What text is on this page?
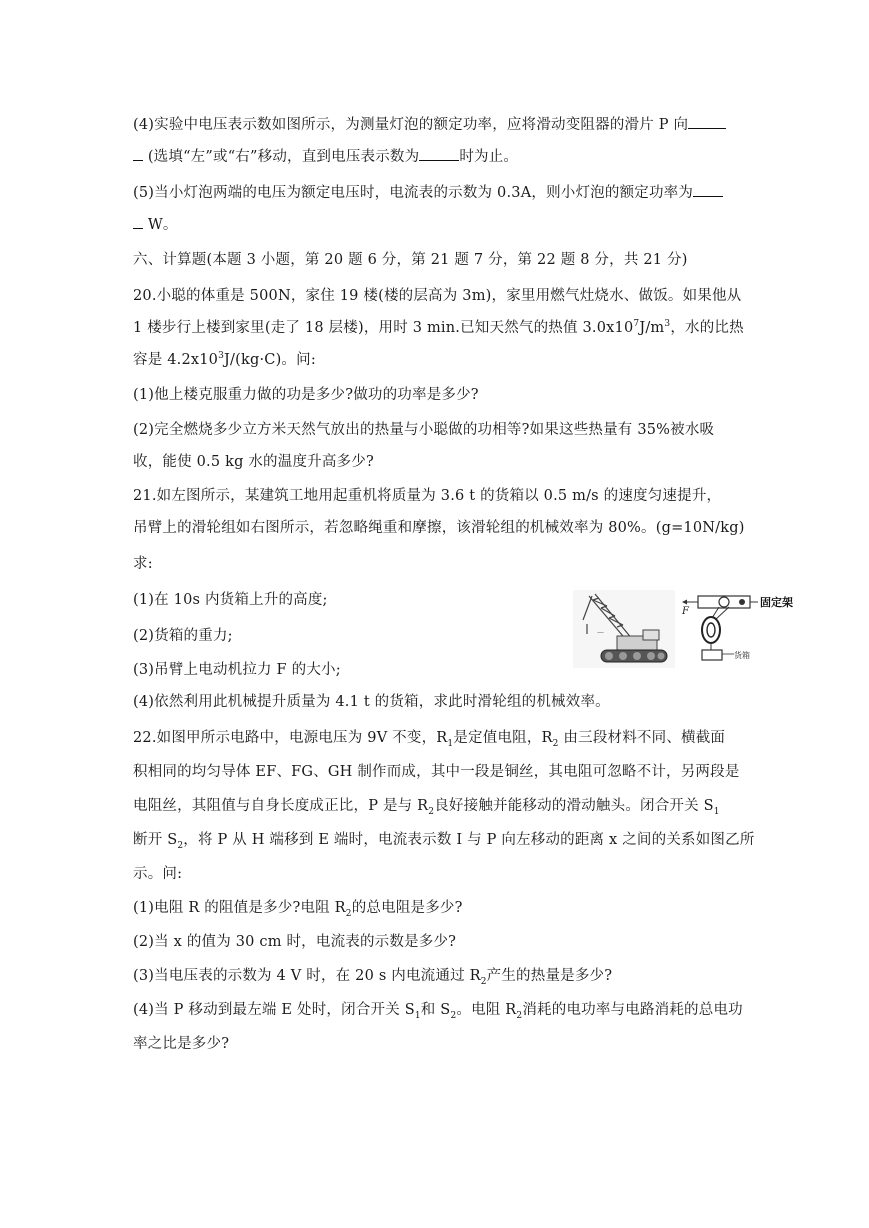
(4)实验中电压表示数如图所示，为测量灯泡的额定功率，应将滑动变阻器的滑片 P 向
(选填“左”或“右”移动，直到电压表示数为	时为止。
(5)当小灯泡两端的电压为额定电压时，电流表的示数为 0.3A，则小灯泡的额定功率为
W。
六、计算题(本题 3 小题，第 20 题 6 分，第 21 题 7 分，第 22 题 8 分，共 21 分)
20.小聪的体重是 500N，家住 19 楼(楼的层高为 3m)，家里用燃气灶烧水、做饭。如果他从
1 楼步行上楼到家里(走了 18 层楼)，用时 3 min.已知天然气的热值 $3.0x10^7J/m^3$，水的比热
容是 $4.2x10^3J/(kg\cdot C)$。问:
(1)他上楼克服重力做的功是多少?做功的功率是多少?
(2)完全燃烧多少立方米天然气放出的热量与小聪做的功相等?如果这些热量有 35%被水吸
收，能使 0.5 kg 水的温度升高多少?
21.如左图所示，某建筑工地用起重机将质量为 3.6 t 的货箱以 0.5 m/s 的速度匀速提升，
吊臂上的滑轮组如右图所示，若忽略绳重和摩擦，该滑轮组的机械效率为 80%。(g=10N/kg)
求:
(1)在 10s 内货箱上升的高度;
(2)货箱的重力;
(3)吊臂上电动机拉力 F 的大小;
(4)依然利用此机械提升质量为 4.1 t 的货箱，求此时滑轮组的机械效率。
—
F
固定架
货箱
22.如图甲所示电路中，电源电压为 9V 不变，$R_1$是定值电阻，$R_2$ 由三段材料不同、横截面
积相同的均匀导体 EF、FG、GH 制作而成，其中一段是铜丝，其电阻可忽略不计，另两段是
电阻丝，其阻值与自身长度成正比，P 是与 $R_2$良好接触并能移动的滑动触头。闭合开关 $S_1$
断开 $S_2$，将 P 从 H 端移到 E 端时，电流表示数 I 与 P 向左移动的距离 x 之间的关系如图乙所
示。问:
(1)电阻 R 的阻值是多少?电阻 $R_2$的总电阻是多少?
(2)当 x 的值为 30 cm 时，电流表的示数是多少?
(3)当电压表的示数为 4 V 时，在 20 s 内电流通过 $R_2$产生的热量是多少?
(4)当 P 移动到最左端 E 处时，闭合开关 $S_1$和 $S_2$。电阻 $R_2$消耗的电功率与电路消耗的总电功
率之比是多少?
